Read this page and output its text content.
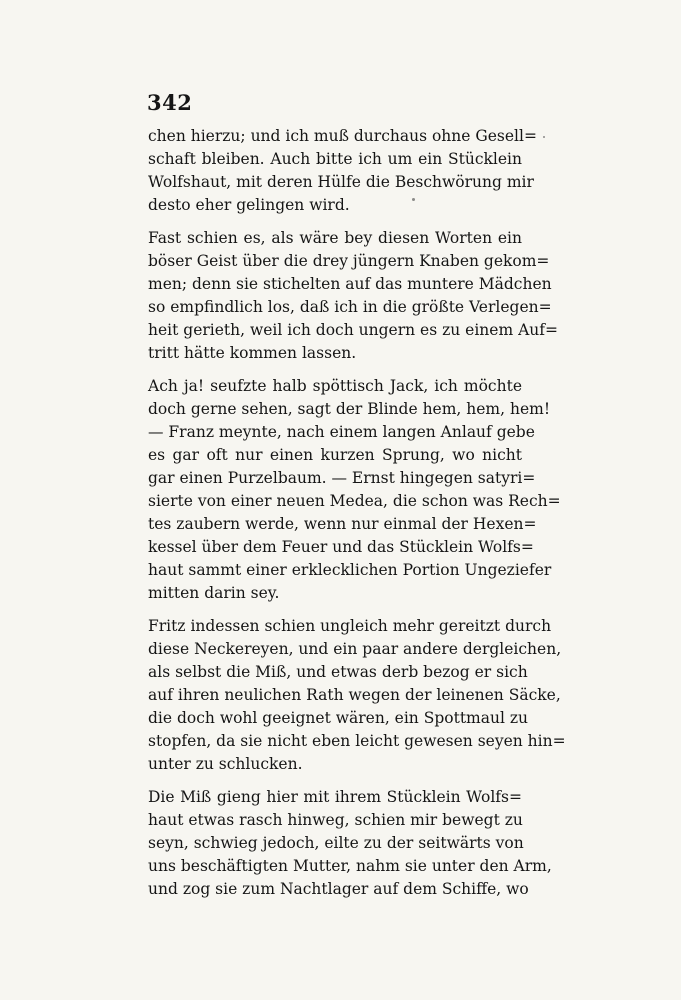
342
chen hierzu; und ich muß durchaus ohne Gesell=
schaft bleiben. Auch bitte ich um ein Stücklein
Wolfshaut, mit deren Hülfe die Beschwörung mir
desto eher gelingen wird.
Fast schien es, als wäre bey diesen Worten ein
böser Geist über die drey jüngern Knaben gekom=
men; denn sie stichelten auf das muntere Mädchen
so empfindlich los, daß ich in die größte Verlegen=
heit gerieth, weil ich doch ungern es zu einem Auf=
tritt hätte kommen lassen.
Ach ja! seufzte halb spöttisch Jack, ich möchte
doch gerne sehen, sagt der Blinde hem, hem, hem!
— Franz meynte, nach einem langen Anlauf gebe
es gar oft nur einen kurzen Sprung, wo nicht
gar einen Purzelbaum. — Ernst hingegen satyri=
sierte von einer neuen Medea, die schon was Rech=
tes zaubern werde, wenn nur einmal der Hexen=
kessel über dem Feuer und das Stücklein Wolfs=
haut sammt einer erklecklichen Portion Ungeziefer
mitten darin sey.
Fritz indessen schien ungleich mehr gereitzt durch
diese Neckereyen, und ein paar andere dergleichen,
als selbst die Miß, und etwas derb bezog er sich
auf ihren neulichen Rath wegen der leinenen Säcke,
die doch wohl geeignet wären, ein Spottmaul zu
stopfen, da sie nicht eben leicht gewesen seyen hin=
unter zu schlucken.
Die Miß gieng hier mit ihrem Stücklein Wolfs=
haut etwas rasch hinweg, schien mir bewegt zu
seyn, schwieg jedoch, eilte zu der seitwärts von
uns beschäftigten Mutter, nahm sie unter den Arm,
und zog sie zum Nachtlager auf dem Schiffe, wo
